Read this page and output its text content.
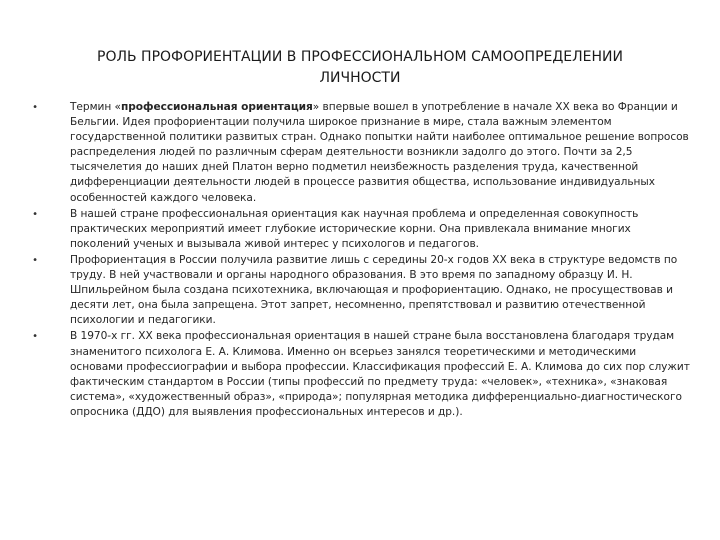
РОЛЬ ПРОФОРИЕНТАЦИИ В ПРОФЕССИОНАЛЬНОМ САМООПРЕДЕЛЕНИИ ЛИЧНОСТИ
•	Термин «профессиональная ориентация» впервые вошел в употребление в начале XX века во Франции и Бельгии. Идея профориентации получила широкое признание в мире, стала важным элементом государственной политики развитых стран. Однако попытки найти наиболее оптимальное решение вопросов распределения людей по различным сферам деятельности возникли задолго до этого. Почти за 2,5 тысячелетия до наших дней Платон верно подметил неизбежность разделения труда, качественной дифференциации деятельности людей в процессе развития общества, использование индивидуальных особенностей каждого человека.
•	В нашей стране профессиональная ориентация как научная проблема и определенная совокупность практических мероприятий имеет глубокие исторические корни. Она привлекала внимание многих поколений ученых и вызывала живой интерес у психологов и педагогов.
•	Профориентация в России получила развитие лишь с середины 20-х годов XX века в структуре ведомств по труду. В ней участвовали и органы народного образования. В это время по западному образцу И. Н. Шпильрейном была создана психотехника, включающая и профориентацию. Однако, не просуществовав и десяти лет, она была запрещена. Этот запрет, несомненно, препятствовал и развитию отечественной психологии и педагогики.
•	В 1970-х гг. XX века профессиональная ориентация в нашей стране была восстановлена благодаря трудам знаменитого психолога Е. А. Климова. Именно он всерьез занялся теоретическими и методическими основами профессиографии и выбора профессии. Классификация профессий Е. А. Климова до сих пор служит фактическим стандартом в России (типы профессий по предмету труда: «человек», «техника», «знаковая система», «художественный образ», «природа»; популярная методика дифференциально-диагностического опросника (ДДО) для выявления профессиональных интересов и др.).
